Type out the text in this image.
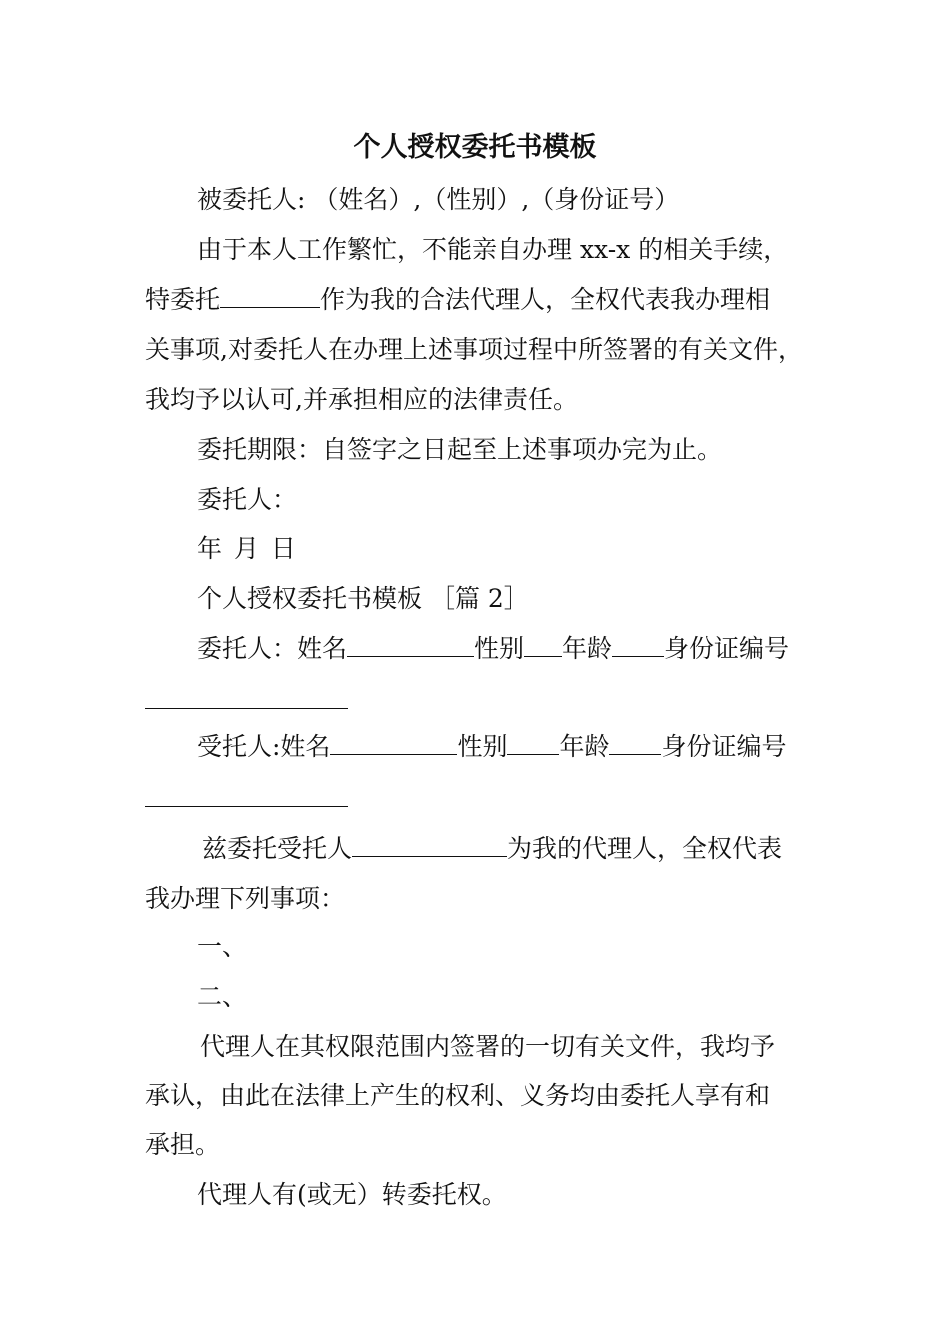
个人授权委托书模板
被委托人: （姓名）,（性别）,（身份证号）
由于本人工作繁忙，不能亲自办理 xx-x 的相关手续，
特委托	作为我的合法代理人，全权代表我办理相
关事项,对委托人在办理上述事项过程中所签署的有关文件，
我均予以认可,并承担相应的法律责任。
委托期限：自签字之日起至上述事项办完为止。
委托人：
年 月 日
个人授权委托书模板 ［篇 2］
委托人：姓名	性别 年龄 身份证编号
受托人:姓名	性别 年龄 身份证编号
兹委托受托人	为我的代理人，全权代表
我办理下列事项：
一、
二、
代理人在其权限范围内签署的一切有关文件，我均予
承认，由此在法律上产生的权利、义务均由委托人享有和
承担。
代理人有(或无）转委托权。
